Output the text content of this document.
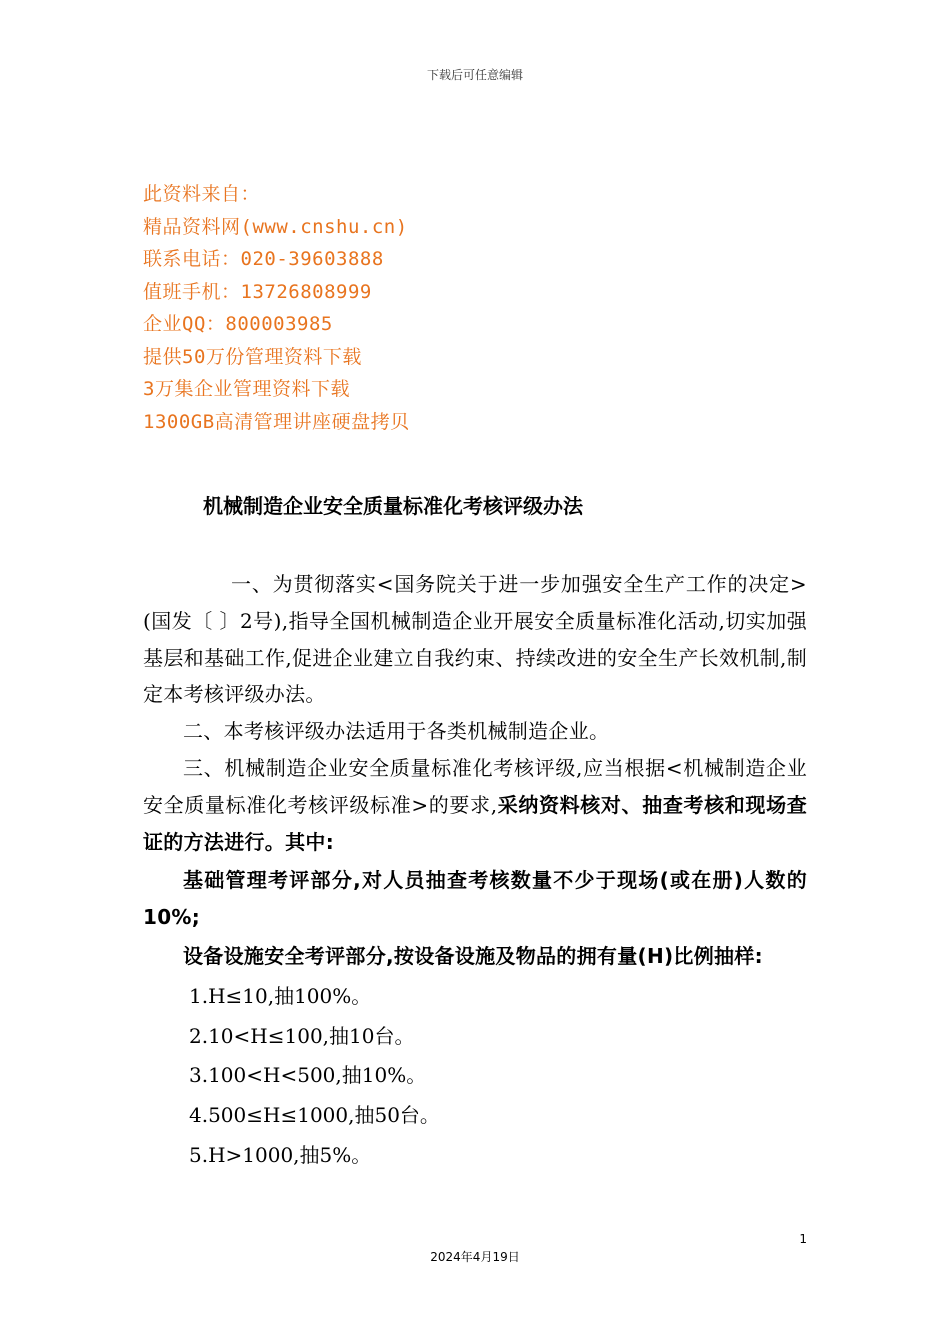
下载后可任意编辑
此资料来自：
精品资料网(www.cnshu.cn)
联系电话：020-39603888
值班手机：13726808999
企业QQ：800003985
提供50万份管理资料下载
3万集企业管理资料下载
1300GB高清管理讲座硬盘拷贝
机械制造企业安全质量标准化考核评级办法

一、为贯彻落实<国务院关于进一步加强安全生产工作的决定>(国发〔 〕2号),指导全国机械制造企业开展安全质量标准化活动,切实加强基层和基础工作,促进企业建立自我约束、持续改进的安全生产长效机制,制定本考核评级办法。

二、本考核评级办法适用于各类机械制造企业。

三、机械制造企业安全质量标准化考核评级,应当根据<机械制造企业安全质量标准化考核评级标准>的要求,采纳资料核对、抽查考核和现场查证的方法进行。其中:

基础管理考评部分,对人员抽查考核数量不少于现场(或在册)人数的10%;

设备设施安全考评部分,按设备设施及物品的拥有量(H)比例抽样:

1.H≤10,抽100%。
2.10<H≤100,抽10台。
3.100<H<500,抽10%。
4.500≤H≤1000,抽50台。
5.H>1000,抽5%。
1
2024年4月19日
